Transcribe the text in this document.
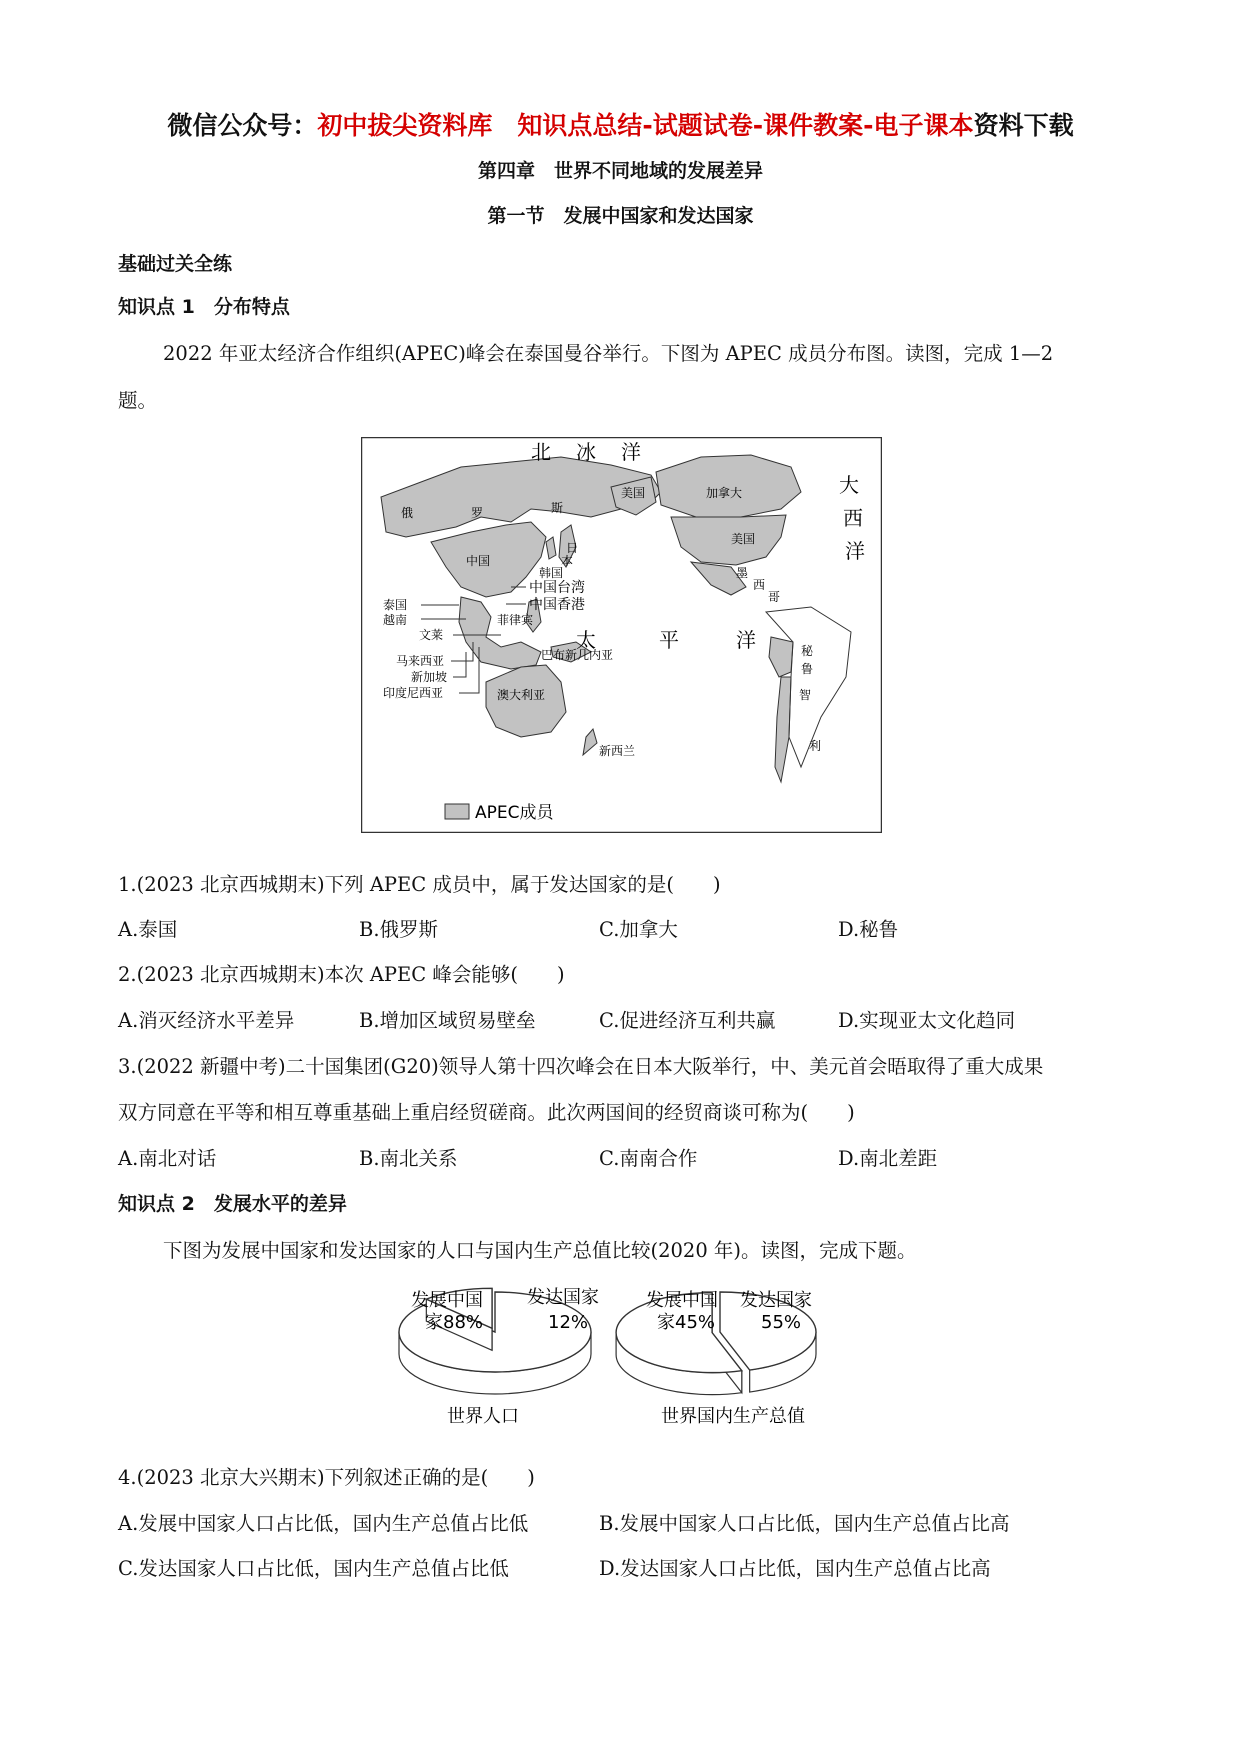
微信公众号：初中拔尖资料库　知识点总结-试题试卷-课件教案-电子课本资料下载
第四章　世界不同地域的发展差异
第一节　发展中国家和发达国家
基础过关全练
知识点 1　分布特点
2022 年亚太经济合作组织(APEC)峰会在泰国曼谷举行。下图为 APEC 成员分布图。读图，完成 1—2
题。
北 冰 洋
太	平	洋
大
西
洋
俄	罗	斯
美国	加拿大
美国
墨
西
哥
中国
日
本
韩国
中国台湾
中国香港
泰国
越南
文莱
菲律宾
马来西亚
新加坡
印度尼西亚
巴布新几内亚
澳大利亚
新西兰
秘
鲁
智
利
APEC成员
1.(2023 北京西城期末)下列 APEC 成员中，属于发达国家的是(　　)
A.泰国	B.俄罗斯	C.加拿大	D.秘鲁
2.(2023 北京西城期末)本次 APEC 峰会能够(　　)
A.消灭经济水平差异	B.增加区域贸易壁垒	C.促进经济互利共赢	D.实现亚太文化趋同
3.(2022 新疆中考)二十国集团(G20)领导人第十四次峰会在日本大阪举行，中、美元首会晤取得了重大成果
双方同意在平等和相互尊重基础上重启经贸磋商。此次两国间的经贸商谈可称为(　　)
A.南北对话	B.南北关系	C.南南合作	D.南北差距
知识点 2　发展水平的差异
下图为发展中国家和发达国家的人口与国内生产总值比较(2020 年)。读图，完成下题。
发展中国
家88%
发达国家
12%
发展中国
家45%
发达国家
55%
世界人口	世界国内生产总值
4.(2023 北京大兴期末)下列叙述正确的是(　　)
A.发展中国家人口占比低，国内生产总值占比低	B.发展中国家人口占比低，国内生产总值占比高
C.发达国家人口占比低，国内生产总值占比低	D.发达国家人口占比低，国内生产总值占比高
